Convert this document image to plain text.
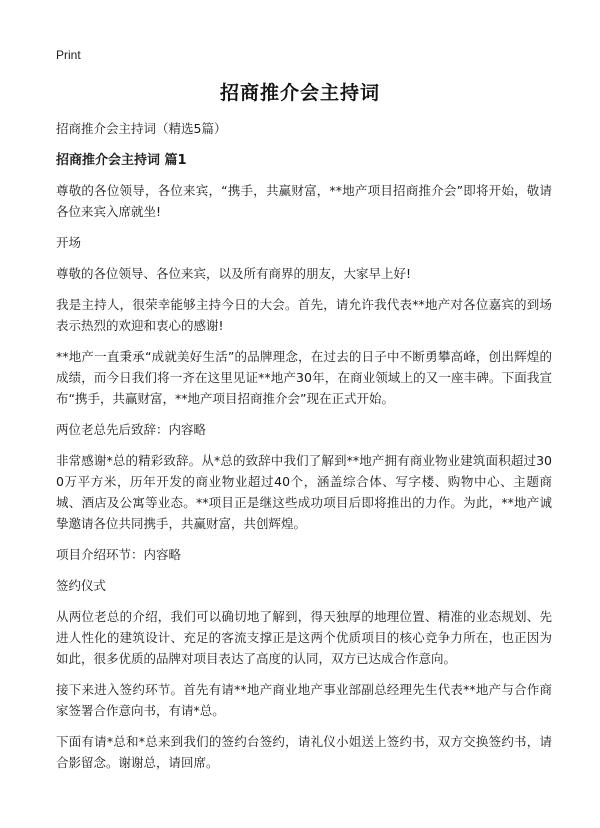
Print
招商推介会主持词

招商推介会主持词（精选5篇）

招商推介会主持词 篇1

尊敬的各位领导，各位来宾，“携手，共赢财富，**地产项目招商推介会”即将开始，敬请各位来宾入席就坐!

开场

尊敬的各位领导、各位来宾，以及所有商界的朋友，大家早上好!

我是主持人，很荣幸能够主持今日的大会。首先，请允许我代表**地产对各位嘉宾的到场表示热烈的欢迎和衷心的感谢!

**地产一直秉承“成就美好生活”的品牌理念，在过去的日子中不断勇攀高峰，创出辉煌的成绩，而今日我们将一齐在这里见证**地产30年，在商业领域上的又一座丰碑。下面我宣布“携手，共赢财富，**地产项目招商推介会”现在正式开始。

两位老总先后致辞：内容略

非常感谢*总的精彩致辞。从*总的致辞中我们了解到**地产拥有商业物业建筑面积超过300万平方米，历年开发的商业物业超过40个，涵盖综合体、写字楼、购物中心、主题商城、酒店及公寓等业态。**项目正是继这些成功项目后即将推出的力作。为此，**地产诚挚邀请各位共同携手，共赢财富，共创辉煌。

项目介绍环节：内容略

签约仪式

从两位老总的介绍，我们可以确切地了解到，得天独厚的地理位置、精准的业态规划、先进人性化的建筑设计、充足的客流支撑正是这两个优质项目的核心竞争力所在，也正因为如此，很多优质的品牌对项目表达了高度的认同，双方已达成合作意向。

接下来进入签约环节。首先有请**地产商业地产事业部副总经理先生代表**地产与合作商家签署合作意向书，有请*总。

下面有请*总和*总来到我们的签约台签约，请礼仪小姐送上签约书，双方交换签约书，请合影留念。谢谢总，请回席。
